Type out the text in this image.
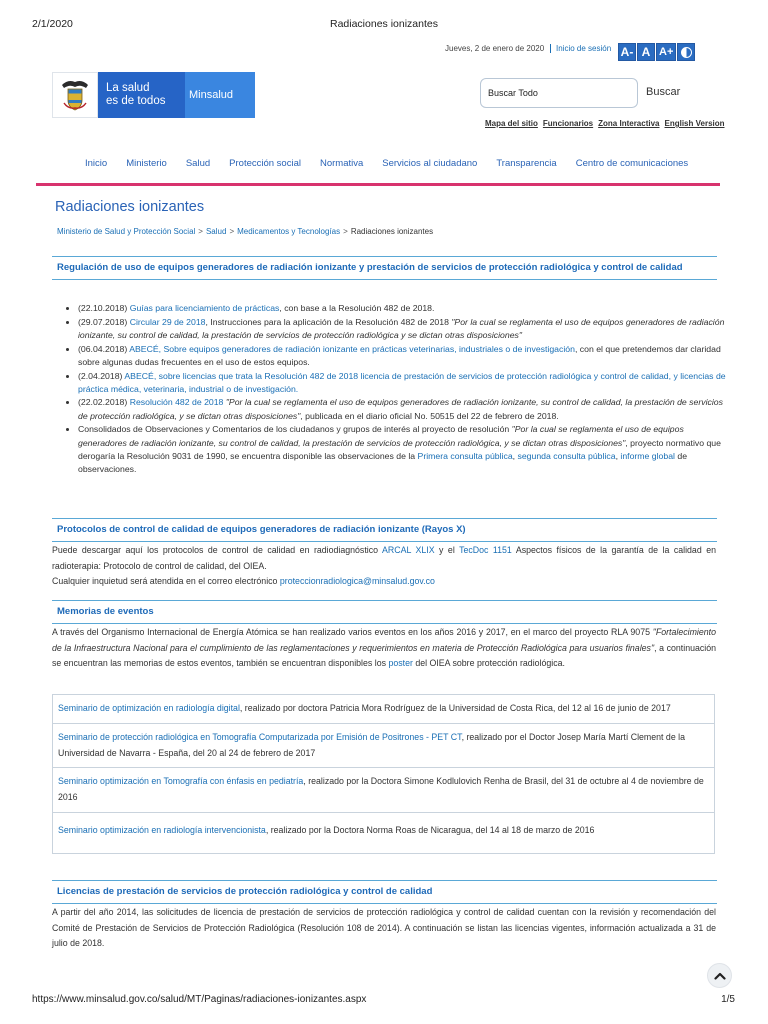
2/1/2020	Radiaciones ionizantes
Jueves, 2 de enero de 2020	Inicio de sesión A- A A+
La salud
es de todos	Minsalud
Buscar Todo	Buscar
Mapa del sitio Funcionarios Zona Interactiva English Version
Inicio Ministerio Salud Protección social Normativa Servicios al ciudadano Transparencia Centro de comunicaciones
Radiaciones ionizantes
Ministerio de Salud y Protección Social > Salud > Medicamentos y Tecnologías > Radiaciones ionizantes
Regulación de uso de equipos generadores de radiación ionizante y prestación de servicios de protección radiológica y control de calidad
• (22.10.2018) Guías para licenciamiento de prácticas, con base a la Resolución 482 de 2018.
• (29.07.2018) Circular 29 de 2018, Instrucciones para la aplicación de la Resolución 482 de 2018 "Por la cual se reglamenta el uso de equipos generadores de radiación ionizante, su control de calidad, la prestación de servicios de protección radiológica y se dictan otras disposiciones"
• (06.04.2018) ABECÉ, Sobre equipos generadores de radiación ionizante en prácticas veterinarias, industriales o de investigación, con el que pretendemos dar claridad sobre algunas dudas frecuentes en el uso de estos equipos.
• (2.04.2018) ABECÉ, sobre licencias que trata la Resolución 482 de 2018 licencia de prestación de servicios de protección radiológica y control de calidad, y licencias de práctica médica, veterinaria, industrial o de investigación.
• (22.02.2018) Resolución 482 de 2018 "Por la cual se reglamenta el uso de equipos generadores de radiación ionizante, su control de calidad, la prestación de servicios de protección radiológica, y se dictan otras disposiciones", publicada en el diario oficial No. 50515 del 22 de febrero de 2018.
• Consolidados de Observaciones y Comentarios de los ciudadanos y grupos de interés al proyecto de resolución "Por la cual se reglamenta el uso de equipos generadores de radiación ionizante, su control de calidad, la prestación de servicios de protección radiológica, y se dictan otras disposiciones", proyecto normativo que derogaría la Resolución 9031 de 1990, se encuentra disponible las observaciones de la Primera consulta pública, segunda consulta pública, informe global de observaciones.
Protocolos de control de calidad de equipos generadores de radiación ionizante (Rayos X)
Puede descargar aquí los protocolos de control de calidad en radiodiagnóstico ARCAL XLIX y el TecDoc 1151 Aspectos físicos de la garantía de la calidad en radioterapia: Protocolo de control de calidad, del OIEA.
Cualquier inquietud será atendida en el correo electrónico proteccionradiologica@minsalud.gov.co
Memorias de eventos
A través del Organismo Internacional de Energía Atómica se han realizado varios eventos en los años 2016 y 2017, en el marco del proyecto RLA 9075 "Fortalecimiento de la Infraestructura Nacional para el cumplimiento de las reglamentaciones y requerimientos en materia de Protección Radiológica para usuarios finales", a continuación se encuentran las memorias de estos eventos, también se encuentran disponibles los poster del OIEA sobre protección radiológica.
Seminario de optimización en radiología digital, realizado por doctora Patricia Mora Rodríguez de la Universidad de Costa Rica, del 12 al 16 de junio de 2017
Seminario de protección radiológica en Tomografía Computarizada por Emisión de Positrones - PET CT, realizado por el Doctor Josep María Martí Clement de la Universidad de Navarra - España, del 20 al 24 de febrero de 2017
Seminario optimización en Tomografía con énfasis en pediatría, realizado por la Doctora Simone Kodlulovich Renha de Brasil, del 31 de octubre al 4 de noviembre de 2016
Seminario optimización en radiología intervencionista, realizado por la Doctora Norma Roas de Nicaragua, del 14 al 18 de marzo de 2016
Licencias de prestación de servicios de protección radiológica y control de calidad
A partir del año 2014, las solicitudes de licencia de prestación de servicios de protección radiológica y control de calidad cuentan con la revisión y recomendación del Comité de Prestación de Servicios de Protección Radiológica (Resolución 108 de 2014). A continuación se listan las licencias vigentes, información actualizada a 31 de julio de 2018.
https://www.minsalud.gov.co/salud/MT/Paginas/radiaciones-ionizantes.aspx	1/5
